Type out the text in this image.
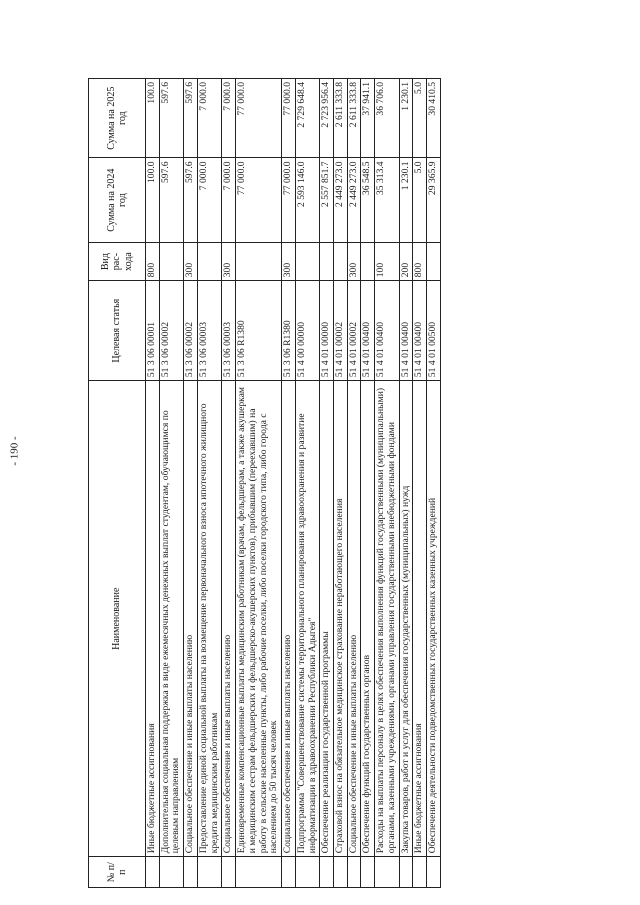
- 190 -
№ п/п	Наименование	Целевая статья	Вид рас-хода	Сумма на 2024 год	Сумма на 2025 год
	Иные бюджетные ассигнования	51 3 06 00001	800	100.0	100.0
	Дополнительная социальная поддержка в виде ежемесячных денежных выплат студентам, обучающимся по целевым направлениям	51 3 06 00002		597.6	597.6
	Социальное обеспечение и иные выплаты населению	51 3 06 00002	300	597.6	597.6
	Предоставление единой социальной выплаты на возмещение первоначального взноса ипотечного жилищного кредита медицинским работникам	51 3 06 00003		7 000.0	7 000.0
	Социальное обеспечение и иные выплаты населению	51 3 06 00003	300	7 000.0	7 000.0
	Единовременные компенсационные выплаты медицинским работникам (врачам, фельдшерам, а также акушеркам и медицинским сестрам фельдшерских и фельдшерско-акушерских пунктов), прибывшим (переехавшим) на работу в сельские населенные пункты, либо рабочие поселки, либо поселки городского типа, либо города с населением до 50 тысяч человек	51 3 06 R1380		77 000.0	77 000.0
	Социальное обеспечение и иные выплаты населению	51 3 06 R1380	300	77 000.0	77 000.0
	Подпрограмма "Совершенствование системы территориального планирования здравоохранения и развитие информатизации в здравоохранении Республики Адыгея"	51 4 00 00000		2 593 146.0	2 729 648.4
	Обеспечение реализации государственной программы	51 4 01 00000		2 557 851.7	2 723 956.4
	Страховой взнос на обязательное медицинское страхование неработающего населения	51 4 01 00002		2 449 273.0	2 611 333.8
	Социальное обеспечение и иные выплаты населению	51 4 01 00002	300	2 449 273.0	2 611 333.8
	Обеспечение функций государственных органов	51 4 01 00400		36 548.5	37 941.1
	Расходы на выплаты персоналу в целях обеспечения выполнения функций государственными (муниципальными) органами, казенными учреждениями, органами управления государственными внебюджетными фондами	51 4 01 00400	100	35 313.4	36 706.0
	Закупка товаров, работ и услуг для обеспечения государственных (муниципальных) нужд	51 4 01 00400	200	1 230.1	1 230.1
	Иные бюджетные ассигнования	51 4 01 00400	800	5.0	5.0
	Обеспечение деятельности подведомственных государственных казенных учреждений	51 4 01 00500		29 365.9	30 410.5
